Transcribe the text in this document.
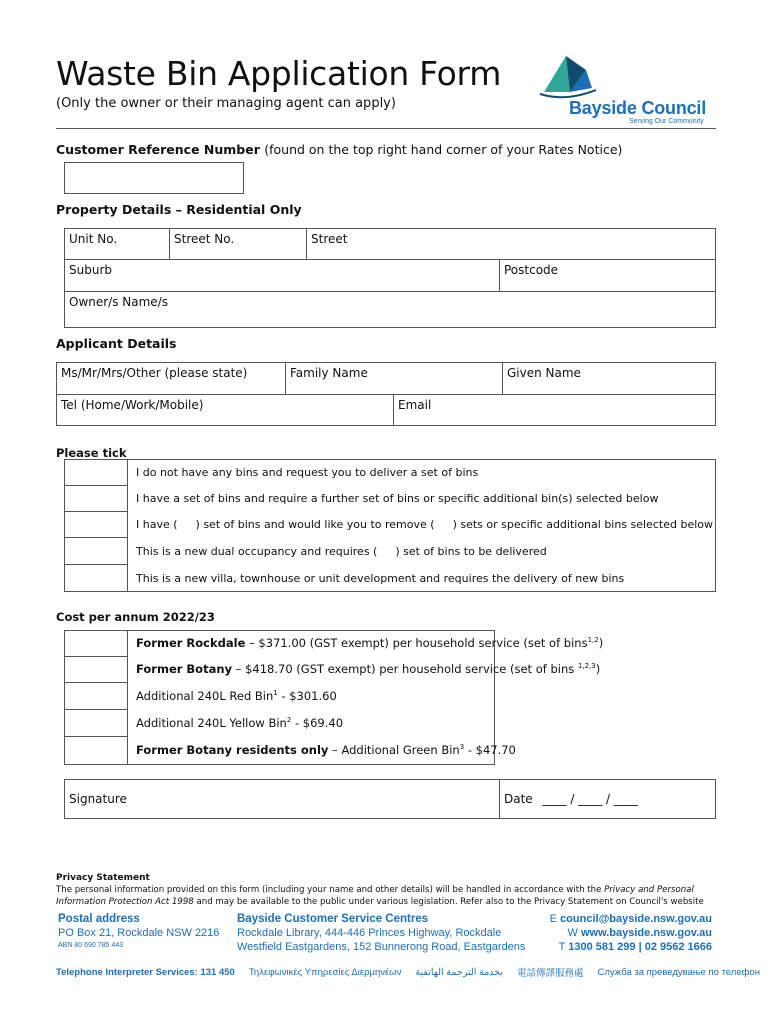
Waste Bin Application Form
(Only the owner or their managing agent can apply)	Bayside Council
Serving Our Community
Customer Reference Number (found on the top right hand corner of your Rates Notice)
Property Details – Residential Only
Unit No.	Street No.	Street
Suburb	Postcode
Owner/s Name/s
Applicant Details
Ms/Mr/Mrs/Other (please state)	Family Name	Given Name
Tel (Home/Work/Mobile)	Email
Please tick
I do not have any bins and request you to deliver a set of bins
I have a set of bins and require a further set of bins or specific additional bin(s) selected below
I have ( ) set of bins and would like you to remove ( ) sets or specific additional bins selected below
This is a new dual occupancy and requires ( ) set of bins to be delivered
This is a new villa, townhouse or unit development and requires the delivery of new bins
Cost per annum 2022/23
Former Rockdale – $371.00 (GST exempt) per household service (set of bins$^{1,2}$)
Former Botany – $418.70 (GST exempt) per household service (set of bins $^{1,2,3}$)
Additional 240L Red Bin$^1$ - $301.60
Additional 240L Yellow Bin$^2$ - $69.40
Former Botany residents only – Additional Green Bin$^3$ - $47.70
Signature	Date ____ / ____ / ____
Privacy Statement
The personal information provided on this form (including your name and other details) will be handled in accordance with the Privacy and Personal Information Protection Act 1998 and may be available to the public under various legislation. Refer also to the Privacy Statement on Council's website
Postal address
PO Box 21, Rockdale NSW 2216
ABN 80 690 785 443
Bayside Customer Service Centres
Rockdale Library, 444-446 Princes Highway, Rockdale
Westfield Eastgardens, 152 Bunnerong Road, Eastgardens
E council@bayside.nsw.gov.au
W www.bayside.nsw.gov.au
T 1300 581 299 | 02 9562 1666
Telephone Interpreter Services: 131 450 Τηλεφωνικές Υπηρεσίες Διερμηνέων بخدمة الترجمة الهاتفية 電話傳譯服務處 Служба за преведување по телефон
